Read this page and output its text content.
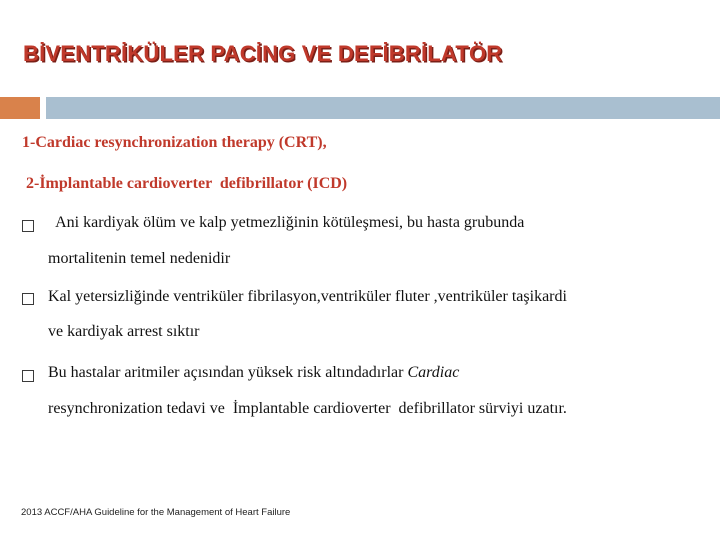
BİVENTRİKÜLER PACİNG VE DEFİBRİLATÖR
1-Cardiac resynchronization therapy (CRT),
2-İmplantable cardioverter  defibrillator (ICD)
Ani kardiyak ölüm ve kalp yetmezliğinin kötüleşmesi, bu hasta grubunda
mortalitenin temel nedenidir
Kal yetersizliğinde ventriküler fibrilasyon,ventriküler fluter ,ventriküler taşikardi
ve kardiyak arrest sıktır
Bu hastalar aritmiler açısından yüksek risk altındadırlar Cardiac
resynchronization tedavi ve  İmplantable cardioverter  defibrillator sürviyi uzatır.
2013 ACCF/AHA Guideline for the Management of Heart Failure
